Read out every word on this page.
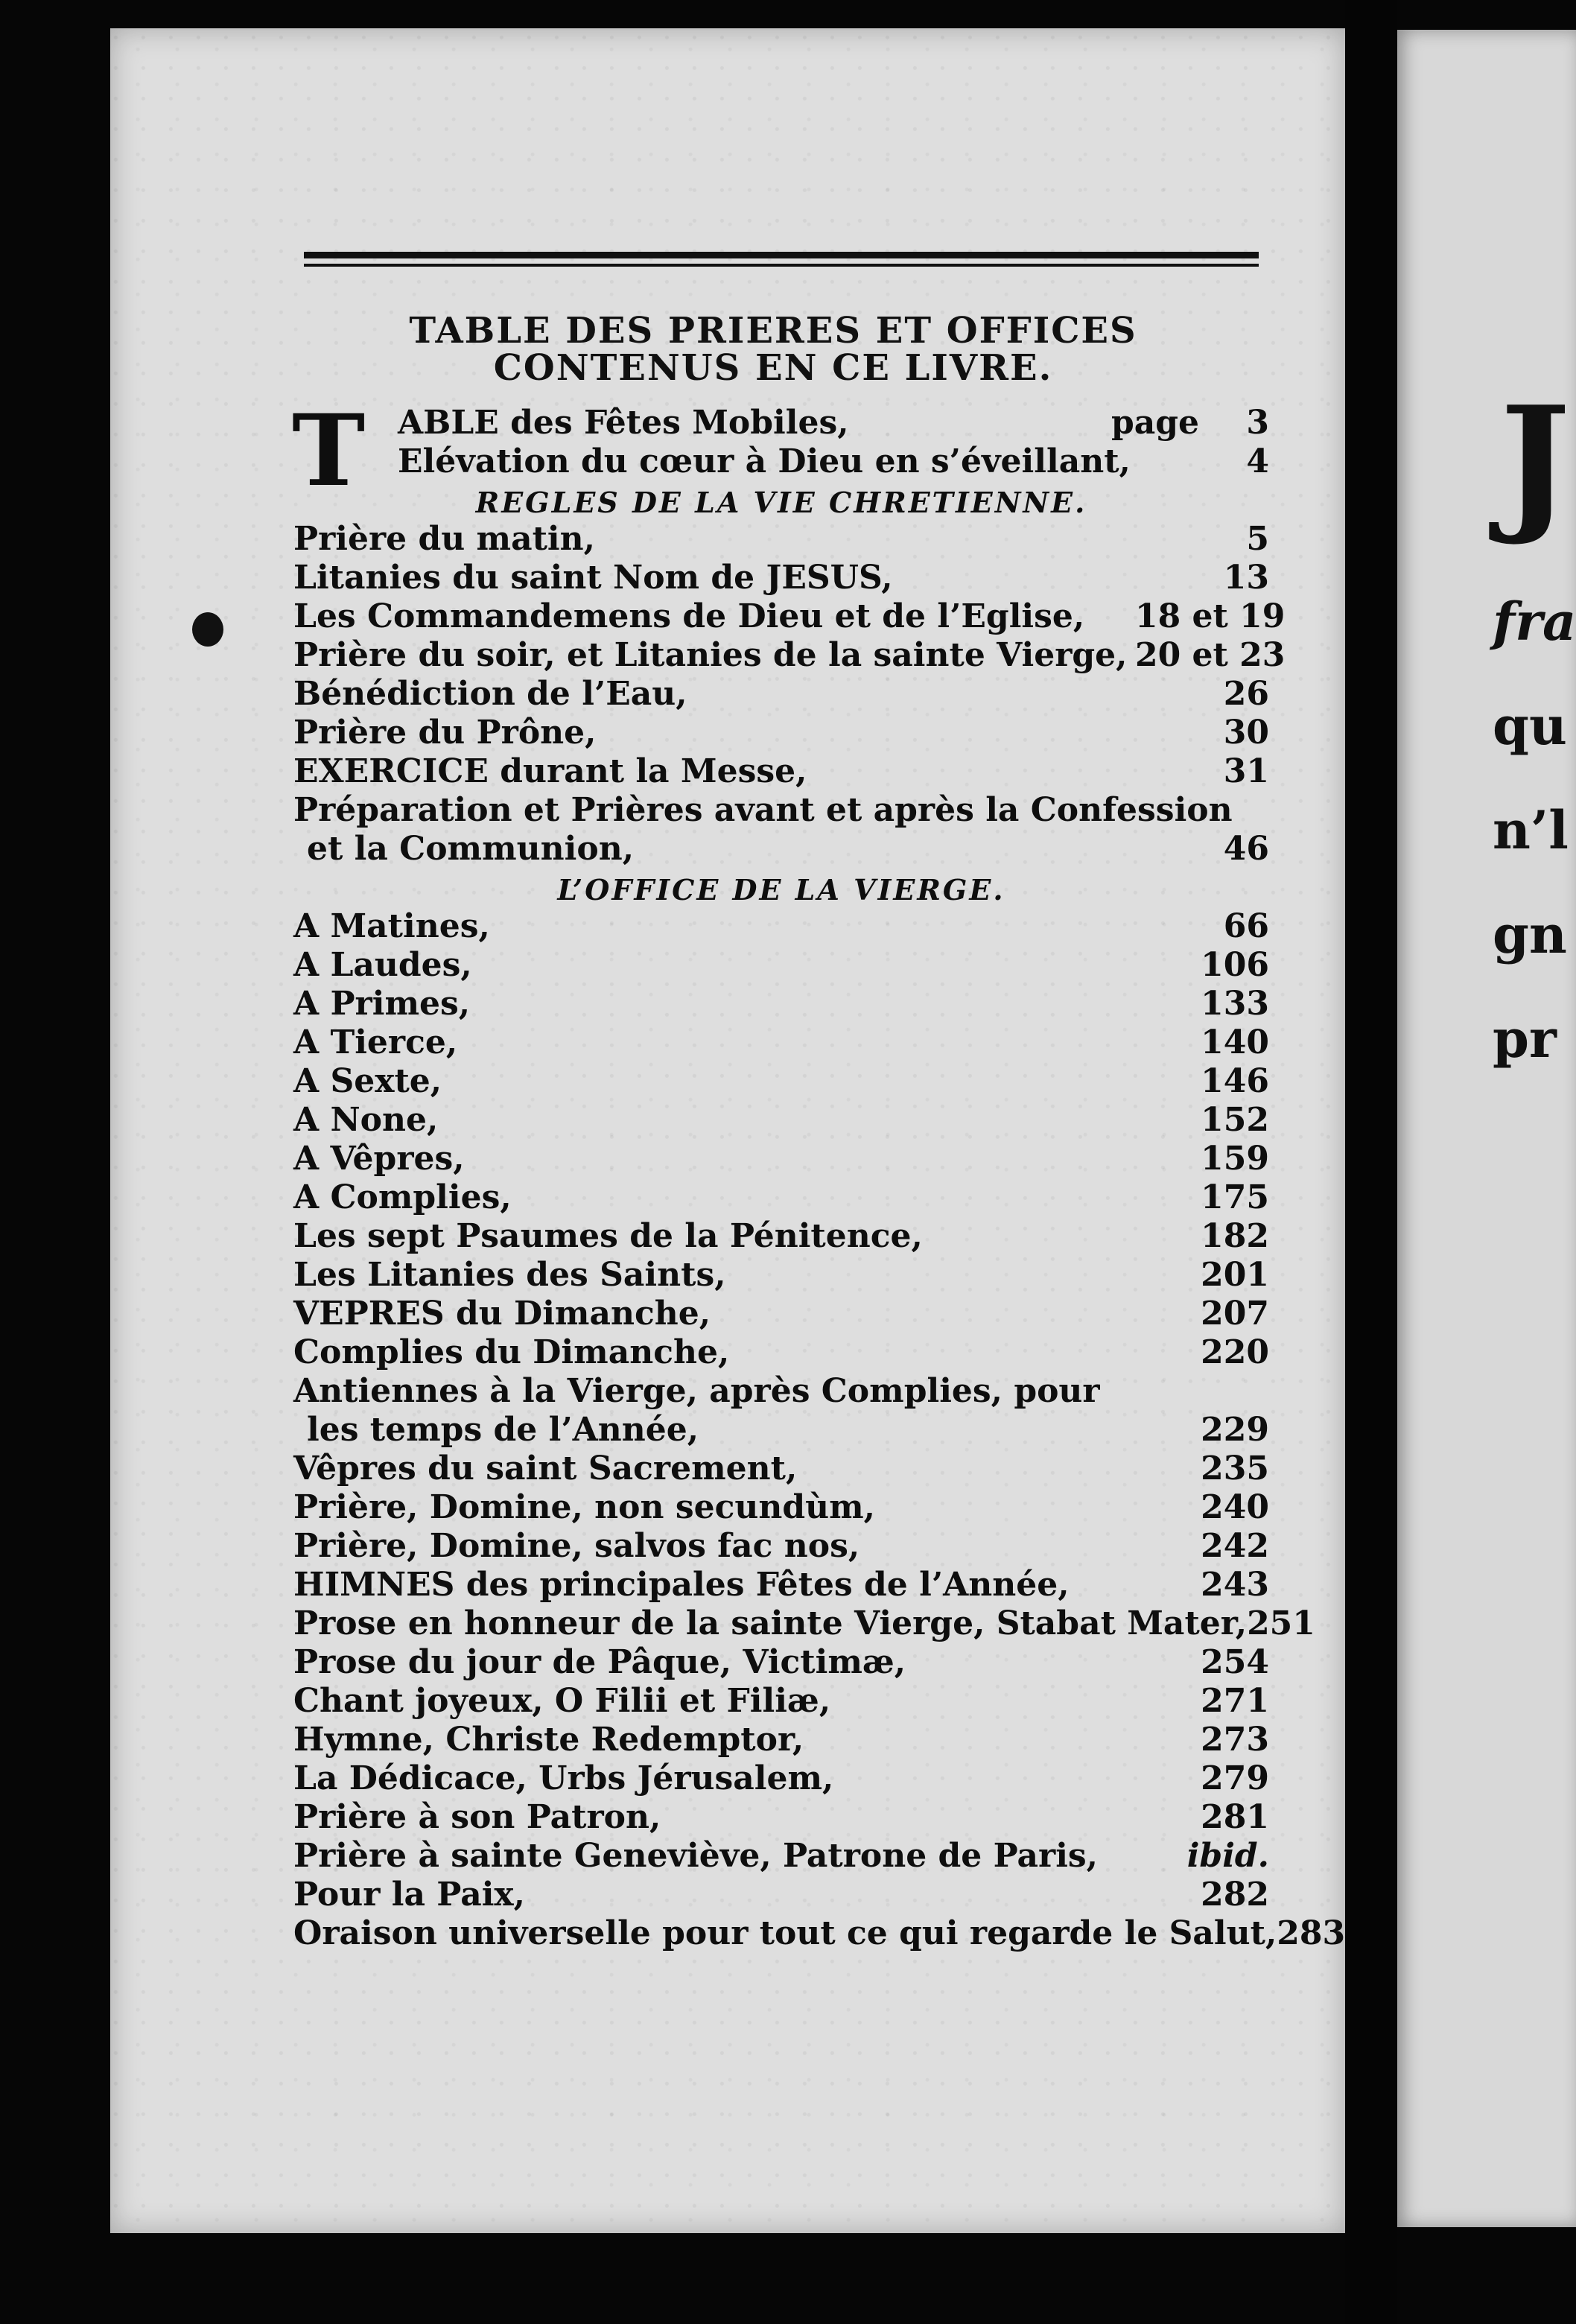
J
fra
qu
n’l
gn
pr
TABLE DES PRIERES ET OFFICES
CONTENUS EN CE LIVRE.
T ABLE des Fêtes Mobiles,	page	3
Elévation du cœur à Dieu en s’éveillant,	4
REGLES DE LA VIE CHRETIENNE.
Prière du matin,	5
Litanies du saint Nom de JESUS,	13
Les Commandemens de Dieu et de l’Eglise,	18 et 19
Prière du soir, et Litanies de la sainte Vierge, 20 et 23
Bénédiction de l’Eau,	26
Prière du Prône,	30
EXERCICE durant la Messe,	31
Préparation et Prières avant et après la Confession
et la Communion,	46
L’OFFICE DE LA VIERGE.
A Matines,	66
A Laudes,	106
A Primes,	133
A Tierce,	140
A Sexte,	146
A None,	152
A Vêpres,	159
A Complies,	175
Les sept Psaumes de la Pénitence,	182
Les Litanies des Saints,	201
VEPRES du Dimanche,	207
Complies du Dimanche,	220
Antiennes à la Vierge, après Complies, pour
les temps de l’Année,	229
Vêpres du saint Sacrement,	235
Prière, Domine, non secundùm,	240
Prière, Domine, salvos fac nos,	242
HIMNES des principales Fêtes de l’Année,	243
Prose en honneur de la sainte Vierge, Stabat Mater, 251
Prose du jour de Pâque, Victimæ,	254
Chant joyeux, O Filii et Filiæ,	271
Hymne, Christe Redemptor,	273
La Dédicace, Urbs Jérusalem,	279
Prière à son Patron,	281
Prière à sainte Geneviève, Patrone de Paris,	ibid.
Pour la Paix,	282
Oraison universelle pour tout ce qui regarde le Salut, 283
